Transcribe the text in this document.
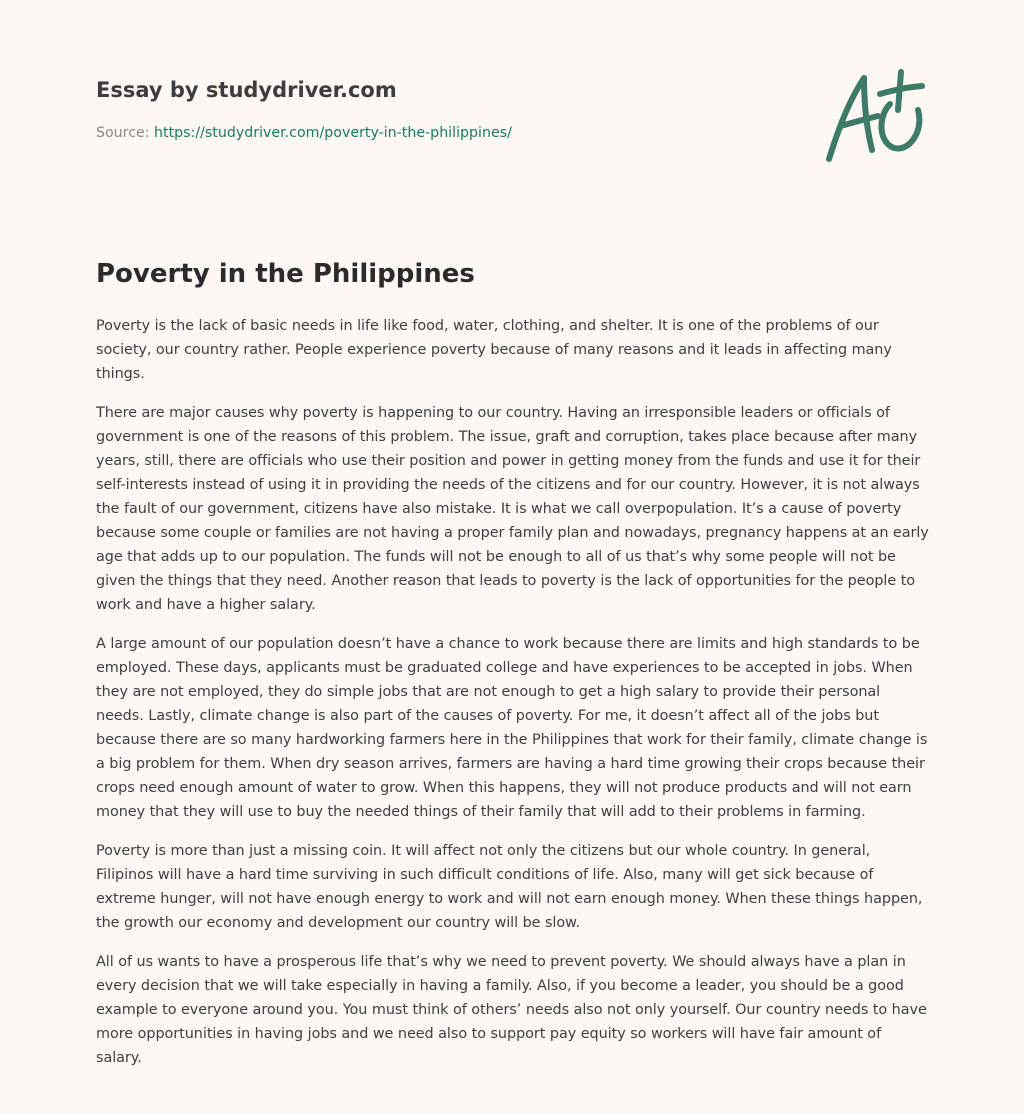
Essay by studydriver.com
Source: https://studydriver.com/poverty-in-the-philippines/
Poverty in the Philippines

Poverty is the lack of basic needs in life like food, water, clothing, and shelter. It is one of the problems of our society, our country rather. People experience poverty because of many reasons and it leads in affecting many things.

There are major causes why poverty is happening to our country. Having an irresponsible leaders or officials of government is one of the reasons of this problem. The issue, graft and corruption, takes place because after many years, still, there are officials who use their position and power in getting money from the funds and use it for their self-interests instead of using it in providing the needs of the citizens and for our country. However, it is not always the fault of our government, citizens have also mistake. It is what we call overpopulation. It’s a cause of poverty because some couple or families are not having a proper family plan and nowadays, pregnancy happens at an early age that adds up to our population. The funds will not be enough to all of us that’s why some people will not be given the things that they need. Another reason that leads to poverty is the lack of opportunities for the people to work and have a higher salary.

A large amount of our population doesn’t have a chance to work because there are limits and high standards to be employed. These days, applicants must be graduated college and have experiences to be accepted in jobs. When they are not employed, they do simple jobs that are not enough to get a high salary to provide their personal needs. Lastly, climate change is also part of the causes of poverty. For me, it doesn’t affect all of the jobs but because there are so many hardworking farmers here in the Philippines that work for their family, climate change is a big problem for them. When dry season arrives, farmers are having a hard time growing their crops because their crops need enough amount of water to grow. When this happens, they will not produce products and will not earn money that they will use to buy the needed things of their family that will add to their problems in farming.

Poverty is more than just a missing coin. It will affect not only the citizens but our whole country. In general, Filipinos will have a hard time surviving in such difficult conditions of life. Also, many will get sick because of extreme hunger, will not have enough energy to work and will not earn enough money. When these things happen, the growth our economy and development our country will be slow.

All of us wants to have a prosperous life that’s why we need to prevent poverty. We should always have a plan in every decision that we will take especially in having a family. Also, if you become a leader, you should be a good example to everyone around you. You must think of others’ needs also not only yourself. Our country needs to have more opportunities in having jobs and we need also to support pay equity so workers will have fair amount of salary.
